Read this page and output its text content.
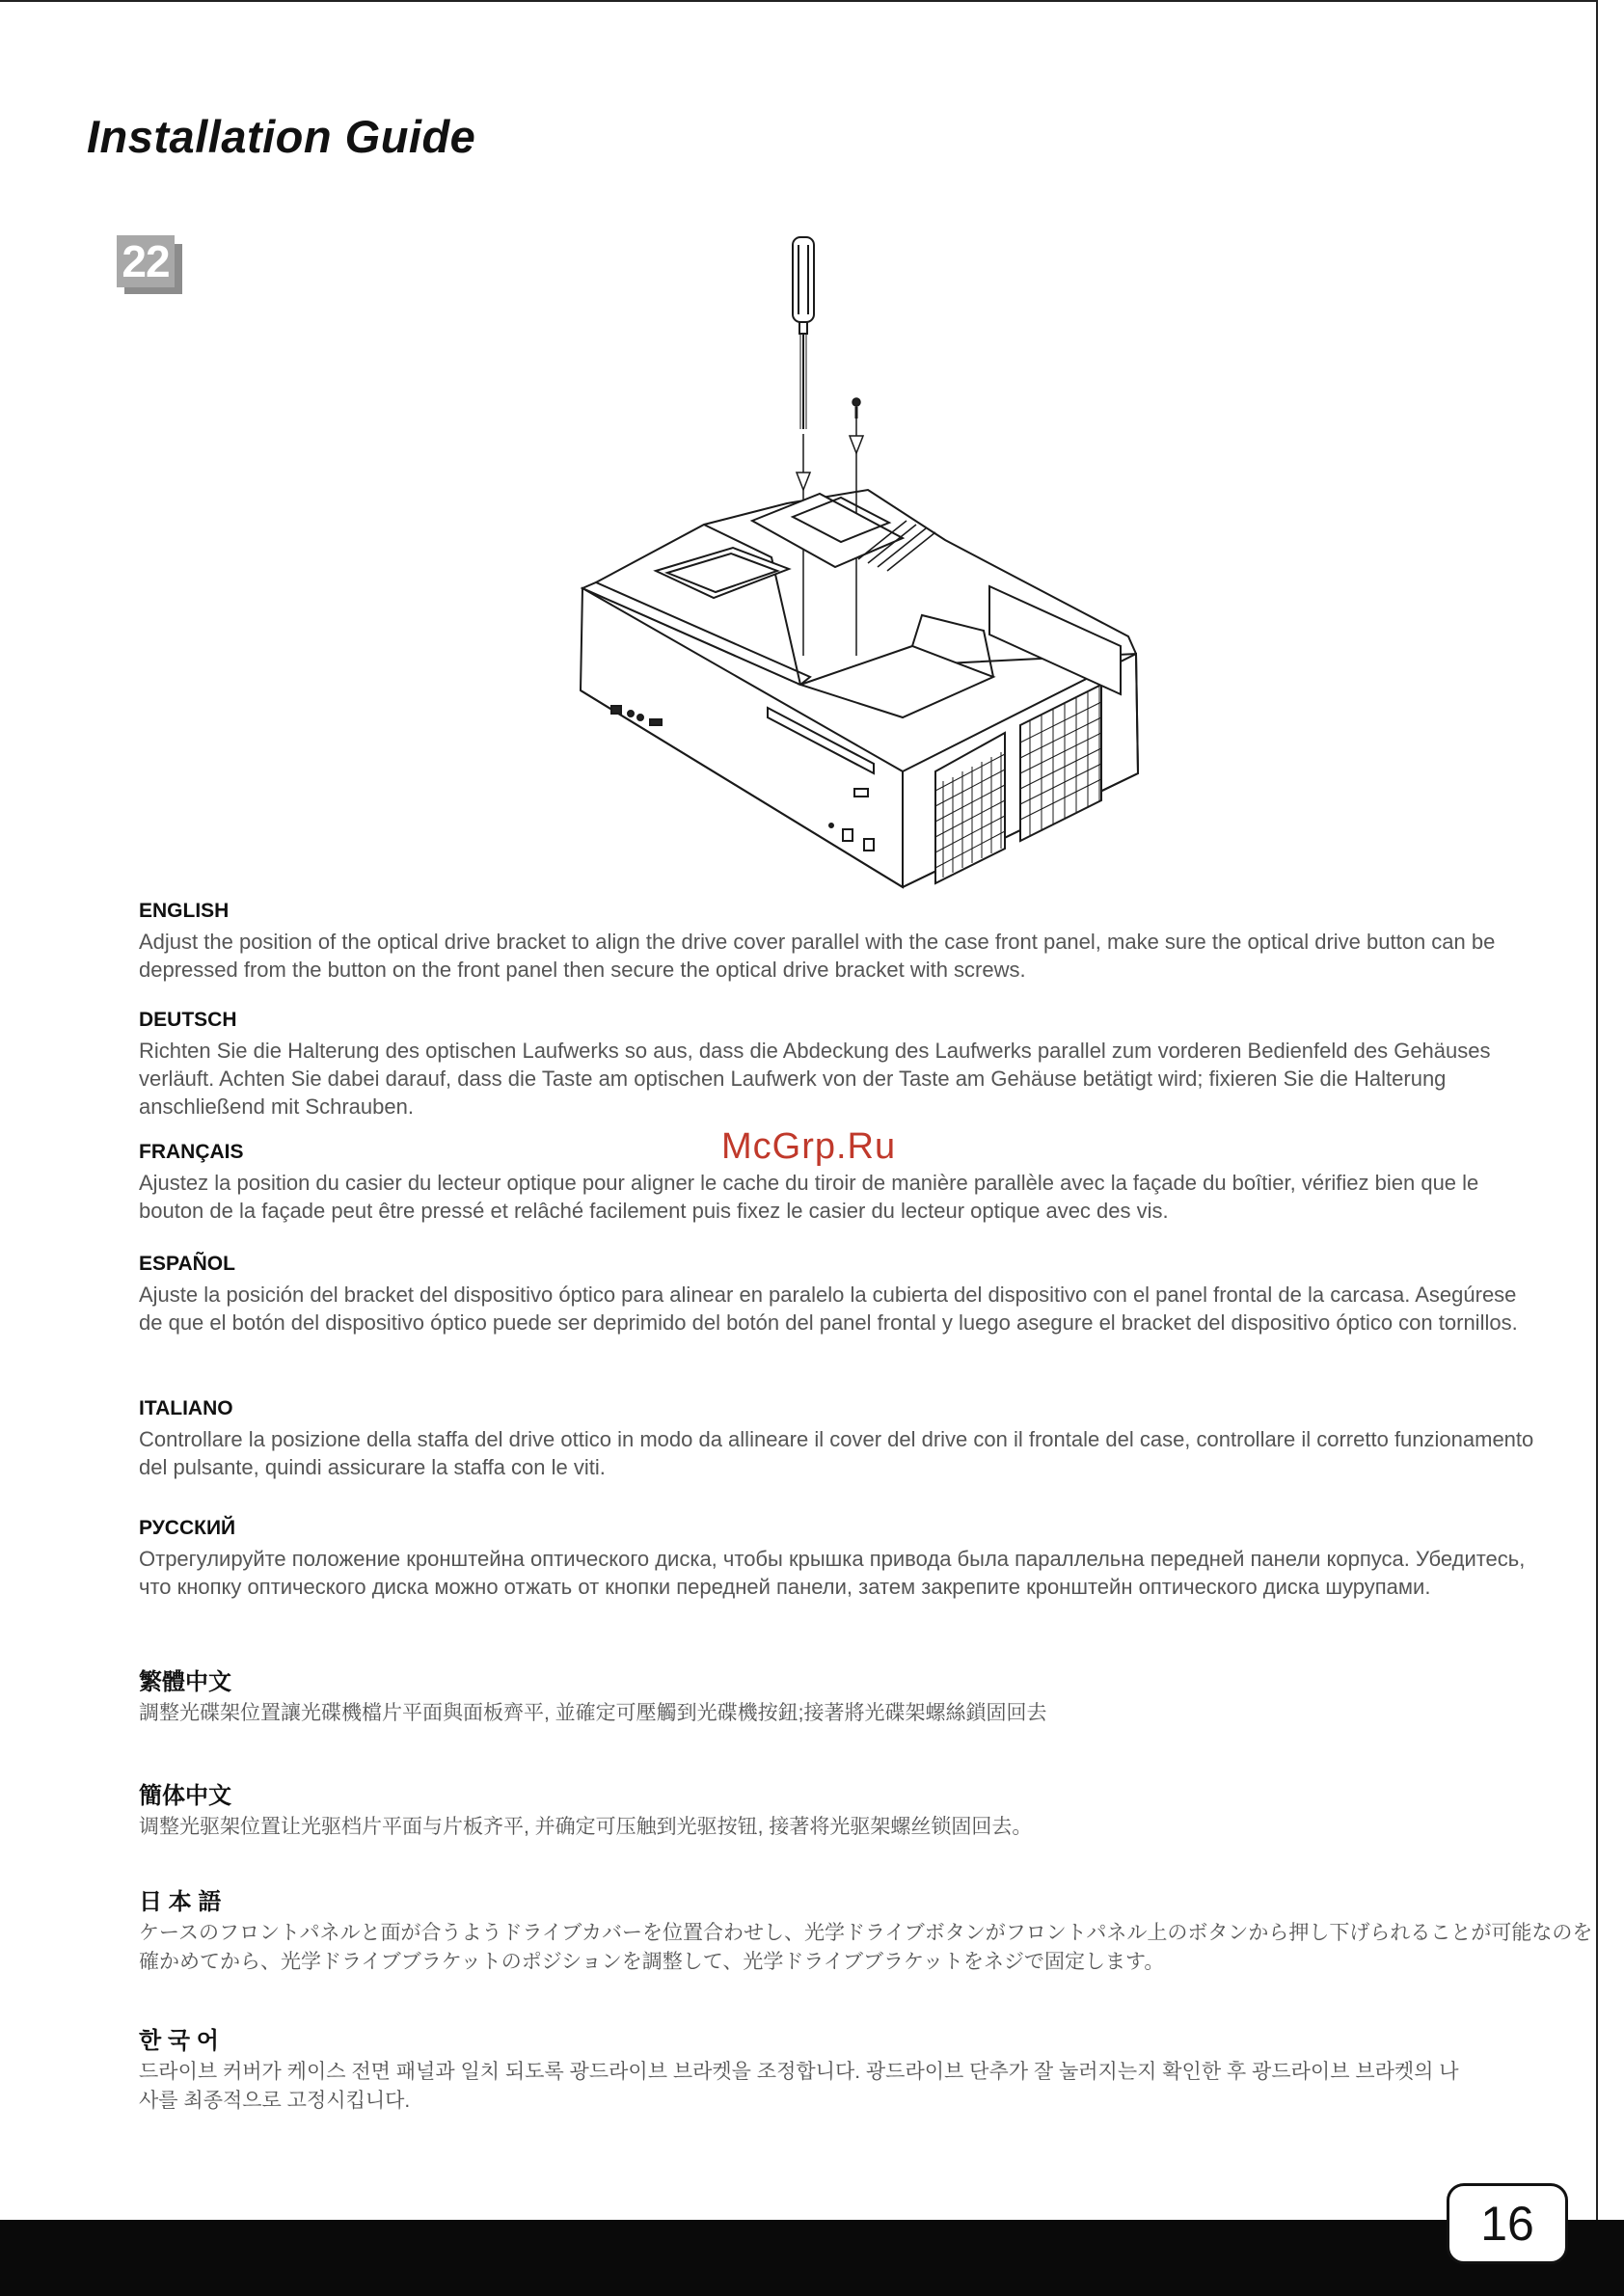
Installation Guide
22
McGrp.Ru
ENGLISH

Adjust the position of the optical drive bracket to align the drive cover parallel with the case front panel, make sure the optical drive button can be depressed from the button on the front panel then secure the optical drive bracket with screws.

DEUTSCH

Richten Sie die Halterung des optischen Laufwerks so aus, dass die Abdeckung des Laufwerks parallel zum vorderen Bedienfeld des Gehäuses verläuft. Achten Sie dabei darauf, dass die Taste am optischen Laufwerk von der Taste am Gehäuse betätigt wird; fixieren Sie die Halterung anschließend mit Schrauben.

FRANÇAIS

Ajustez la position du casier du lecteur optique pour aligner le cache du tiroir de manière parallèle avec la façade du boîtier, vérifiez bien que le bouton de la façade peut être pressé et relâché facilement puis fixez le casier du lecteur optique avec des vis.

ESPAÑOL

Ajuste la posición del bracket del dispositivo óptico para alinear en paralelo la cubierta del dispositivo con el panel frontal de la carcasa. Asegúrese de que el botón del dispositivo óptico puede ser deprimido del botón del panel frontal y luego asegure el bracket del dispositivo óptico con tornillos.

ITALIANO

Controllare la posizione della staffa del drive ottico in modo da allineare il cover del drive con il frontale del case, controllare il corretto funzionamento del pulsante, quindi assicurare la staffa con le viti.

РУССКИЙ

Отрегулируйте положение кронштейна оптического диска, чтобы крышка привода была параллельна передней панели корпуса. Убедитесь, что кнопку оптического диска можно отжать от кнопки передней панели, затем закрепите кронштейн оптического диска шурупами.

繁體中文

調整光碟架位置讓光碟機檔片平面與面板齊平, 並確定可壓觸到光碟機按鈕;接著將光碟架螺絲鎖固回去

簡体中文

调整光驱架位置让光驱档片平面与片板齐平, 并确定可压触到光驱按钮, 接著将光驱架螺丝锁固回去。

日 本 語

ケースのフロントパネルと面が合うようドライブカバーを位置合わせし、光学ドライブボタンがフロントパネル上のボタンから押し下げられることが可能なのを確かめてから、光学ドライブブラケットのポジションを調整して、光学ドライブブラケットをネジで固定します。

한 국 어

드라이브 커버가 케이스 전면 패널과 일치 되도록 광드라이브 브라켓을 조정합니다. 광드라이브 단추가 잘 눌러지는지 확인한 후 광드라이브 브라켓의 나사를 최종적으로 고정시킵니다.

16
